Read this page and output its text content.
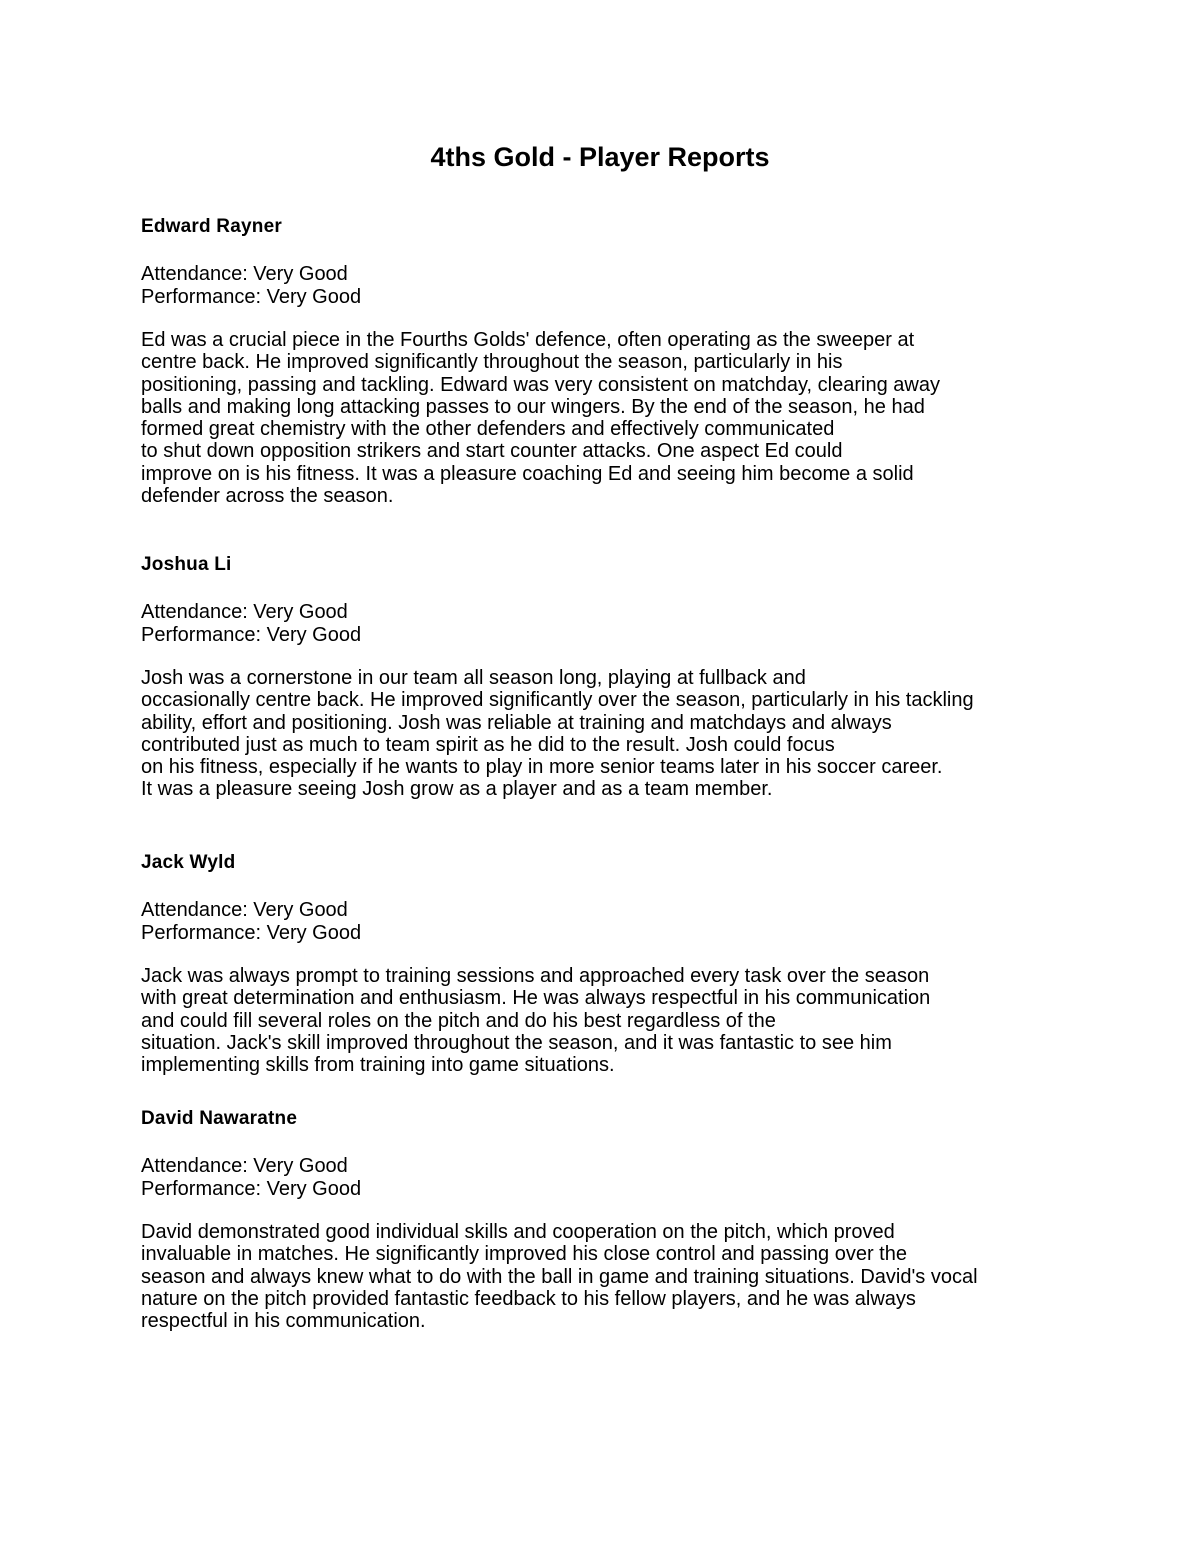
4ths Gold - Player Reports
Edward Rayner
Attendance: Very Good
Performance: Very Good
Ed was a crucial piece in the Fourths Golds' defence, often operating as the sweeper at
centre back. He improved significantly throughout the season, particularly in his
positioning, passing and tackling. Edward was very consistent on matchday, clearing away
balls and making long attacking passes to our wingers. By the end of the season, he had
formed great chemistry with the other defenders and effectively communicated
to shut down opposition strikers and start counter attacks. One aspect Ed could
improve on is his fitness. It was a pleasure coaching Ed and seeing him become a solid
defender across the season.
Joshua Li
Attendance: Very Good
Performance: Very Good
Josh was a cornerstone in our team all season long, playing at fullback and
occasionally centre back. He improved significantly over the season, particularly in his tackling
ability, effort and positioning. Josh was reliable at training and matchdays and always
contributed just as much to team spirit as he did to the result. Josh could focus
on his fitness, especially if he wants to play in more senior teams later in his soccer career.
It was a pleasure seeing Josh grow as a player and as a team member.
Jack Wyld
Attendance: Very Good
Performance: Very Good
Jack was always prompt to training sessions and approached every task over the season
with great determination and enthusiasm. He was always respectful in his communication
and could fill several roles on the pitch and do his best regardless of the
situation. Jack's skill improved throughout the season, and it was fantastic to see him
implementing skills from training into game situations.
David Nawaratne
Attendance: Very Good
Performance: Very Good
David demonstrated good individual skills and cooperation on the pitch, which proved
invaluable in matches. He significantly improved his close control and passing over the
season and always knew what to do with the ball in game and training situations. David's vocal
nature on the pitch provided fantastic feedback to his fellow players, and he was always
respectful in his communication.
